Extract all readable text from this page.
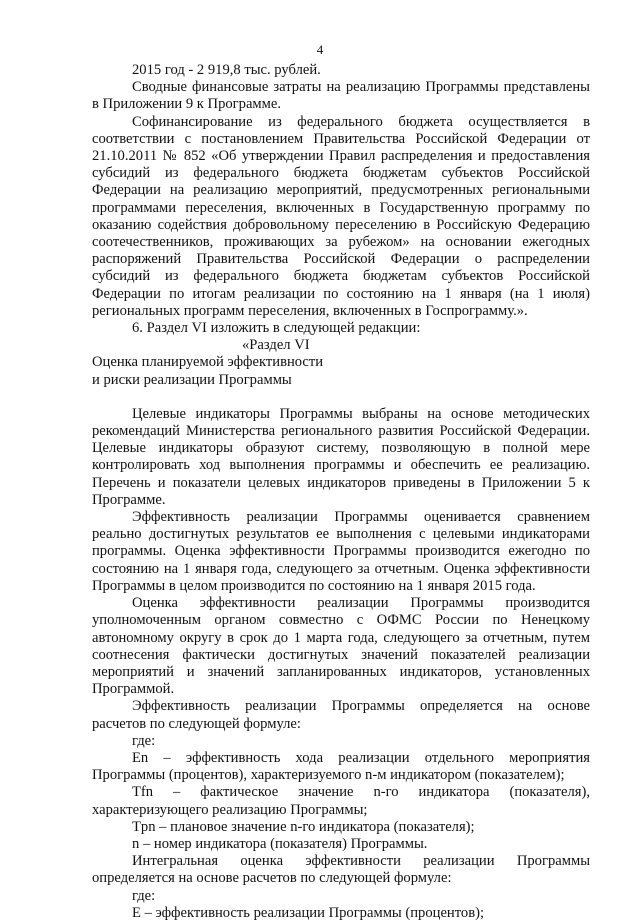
4

2015 год - 2 919,8 тыс. рублей.

Сводные финансовые затраты на реализацию Программы представлены в Приложении 9 к Программе.

Софинансирование из федерального бюджета осуществляется в соответствии с постановлением Правительства Российской Федерации от 21.10.2011 № 852 «Об утверждении Правил распределения и предоставления субсидий из федерального бюджета бюджетам субъектов Российской Федерации на реализацию мероприятий, предусмотренных региональными программами переселения, включенных в Государственную программу по оказанию содействия добровольному переселению в Российскую Федерацию соотечественников, проживающих за рубежом» на основании ежегодных распоряжений Правительства Российской Федерации о распределении субсидий из федерального бюджета бюджетам субъектов Российской Федерации по итогам реализации по состоянию на 1 января (на 1 июля) региональных программ переселения, включенных в Госпрограмму.».

6. Раздел VI изложить в следующей редакции:

«Раздел VI

Оценка планируемой эффективности

и риски реализации Программы

Целевые индикаторы Программы выбраны на основе методических рекомендаций Министерства регионального развития Российской Федерации. Целевые индикаторы образуют систему, позволяющую в полной мере контролировать ход выполнения программы и обеспечить ее реализацию. Перечень и показатели целевых индикаторов приведены в Приложении 5 к Программе.

Эффективность реализации Программы оценивается сравнением реально достигнутых результатов ее выполнения с целевыми индикаторами программы. Оценка эффективности Программы производится ежегодно по состоянию на 1 января года, следующего за отчетным. Оценка эффективности Программы в целом производится по состоянию на 1 января 2015 года.

Оценка эффективности реализации Программы производится уполномоченным органом совместно с ОФМС России по Ненецкому автономному округу в срок до 1 марта года, следующего за отчетным, путем соотнесения фактически достигнутых значений показателей реализации мероприятий и значений запланированных индикаторов, установленных Программой.

Эффективность реализации Программы определяется на основе расчетов по следующей формуле:

где:

Еn – эффективность хода реализации отдельного мероприятия Программы (процентов), характеризуемого n-м индикатором (показателем);

Tfn – фактическое значение n-го индикатора (показателя), характеризующего реализацию Программы;

Tpn – плановое значение n-го индикатора (показателя);

n – номер индикатора (показателя) Программы.

Интегральная оценка эффективности реализации Программы определяется на основе расчетов по следующей формуле:

где:

Е – эффективность реализации Программы (процентов);
